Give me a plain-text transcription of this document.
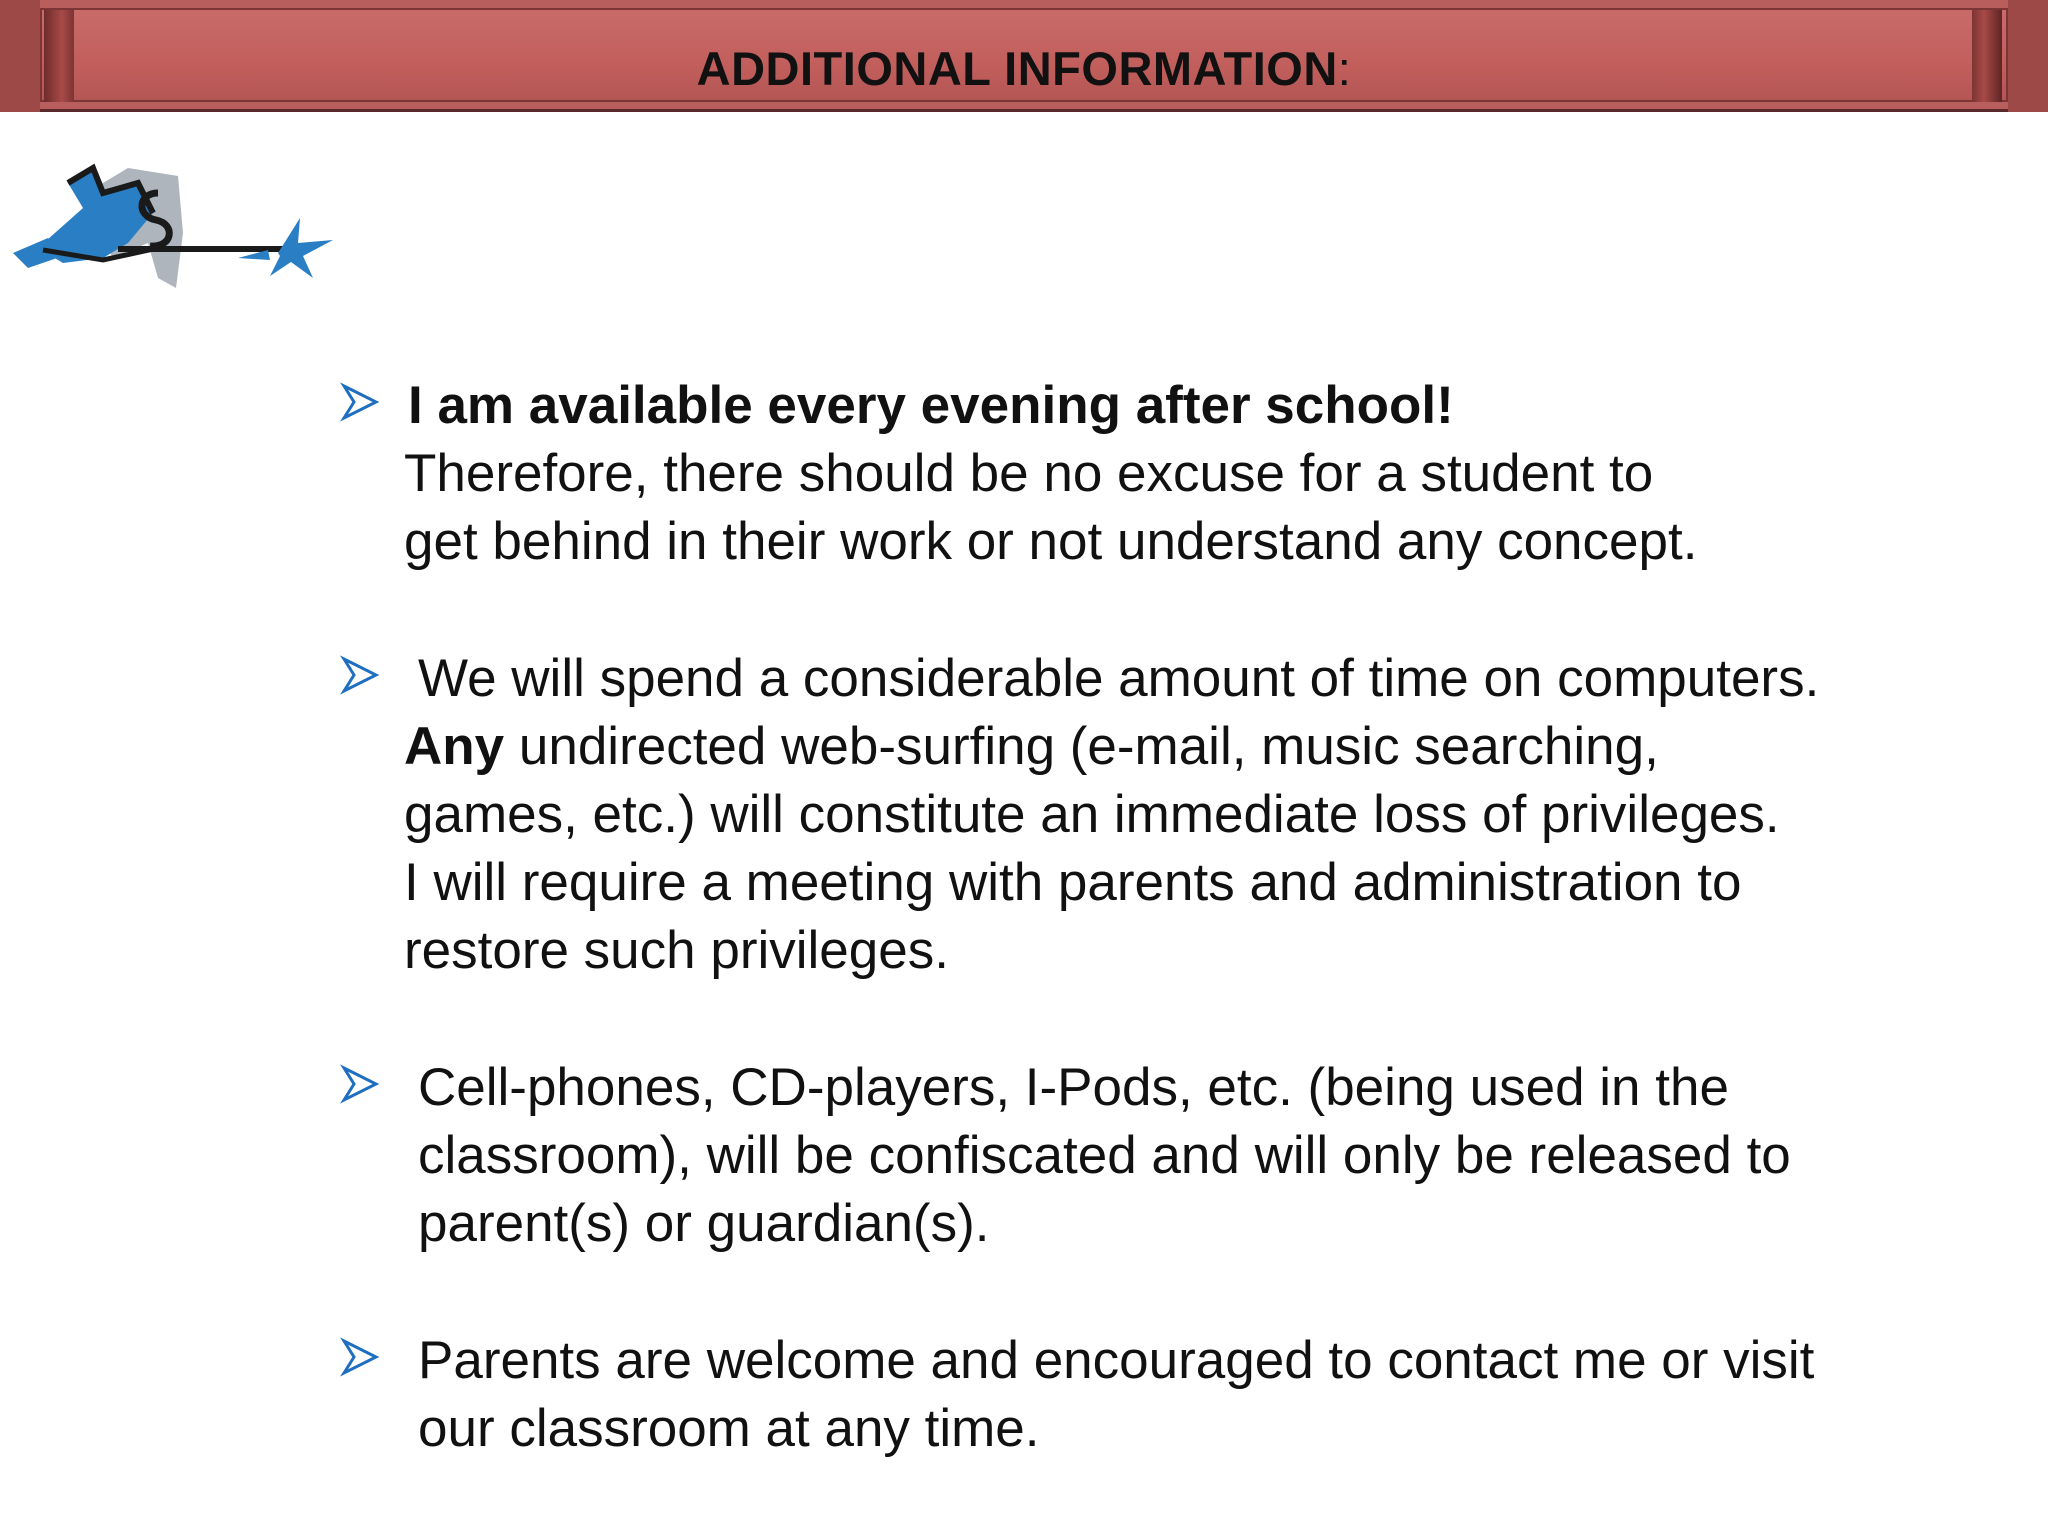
ADDITIONAL INFORMATION:
I am available every evening after school!
Therefore, there should be no excuse for a student to
get behind in their work or not understand any concept.
We will spend a considerable amount of time on computers.
Any undirected web-surfing (e-mail, music searching,
games, etc.) will constitute an immediate loss of privileges.
I will require a meeting with parents and administration to
restore such privileges.
Cell-phones, CD-players, I-Pods, etc. (being used in the
classroom), will be confiscated and will only be released to
parent(s) or guardian(s).
Parents are welcome and encouraged to contact me or visit
our classroom at any time.
